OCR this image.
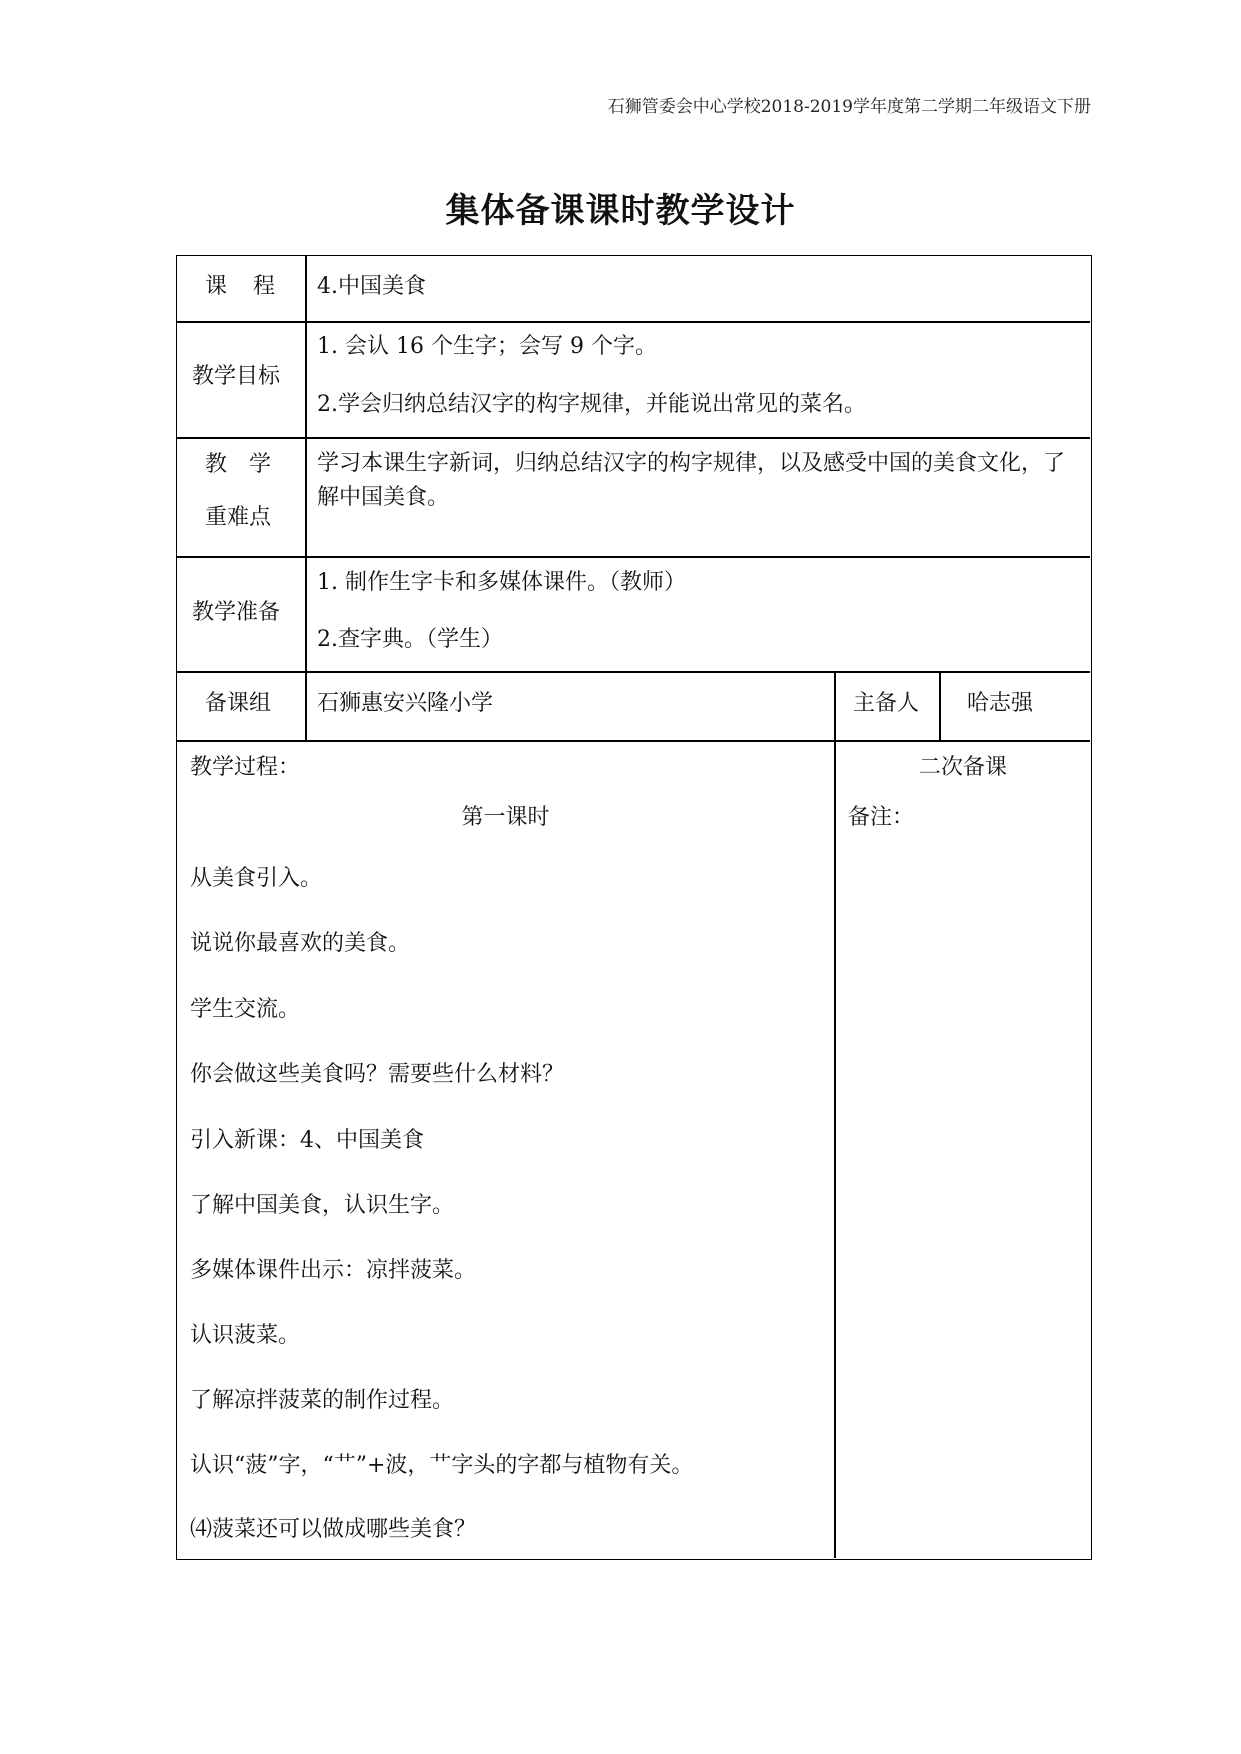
石狮管委会中心学校2018-2019学年度第二学期二年级语文下册
集体备课课时教学设计
课　程 4.中国美食
教学目标
1. 会认 16 个生字；会写 9 个字。
2.学会归纳总结汉字的构字规律，并能说出常见的菜名。
教　学
重难点
学习本课生字新词，归纳总结汉字的构字规律，以及感受中国的美食文化，了解中国美食。
教学准备
1. 制作生字卡和多媒体课件。（教师）
2.查字典。（学生）
备课组 石狮惠安兴隆小学	主备人 哈志强
教学过程：
第一课时
从美食引入。
说说你最喜欢的美食。
学生交流。
你会做这些美食吗？需要些什么材料？
引入新课：4、中国美食
了解中国美食，认识生字。
多媒体课件出示：凉拌菠菜。
认识菠菜。
了解凉拌菠菜的制作过程。
认识“菠”字，“艹”+波，艹字头的字都与植物有关。
⑷菠菜还可以做成哪些美食？
二次备课
备注：
